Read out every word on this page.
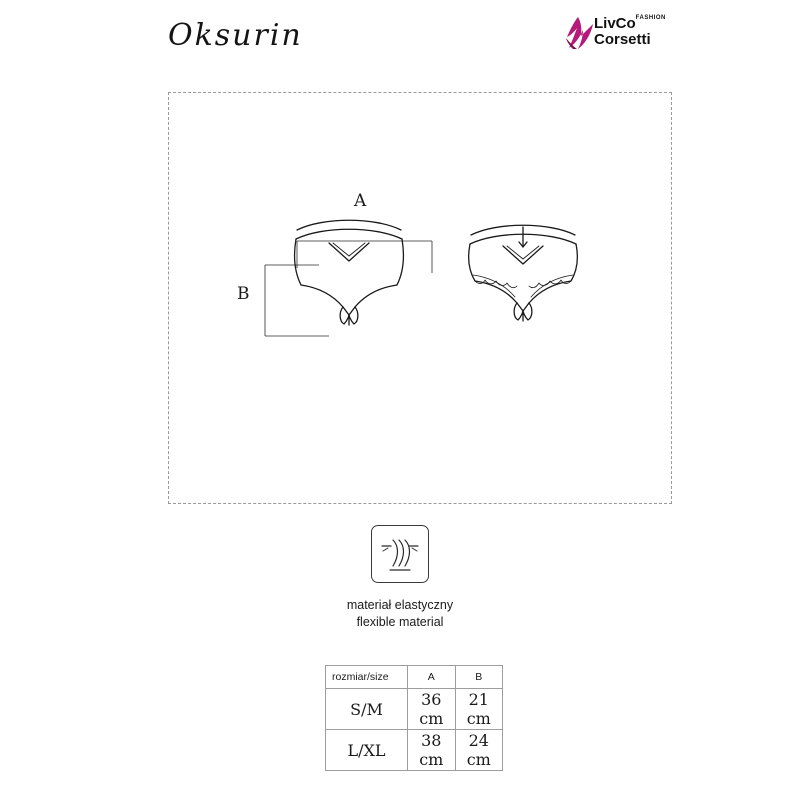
Oksurin	LivCo$^{FASHION}$
Corsetti
A
B
materiał elastyczny
flexible material
rozmiar/size	A	B
S/M	36 cm	21 cm
L/XL	38 cm	24 cm
